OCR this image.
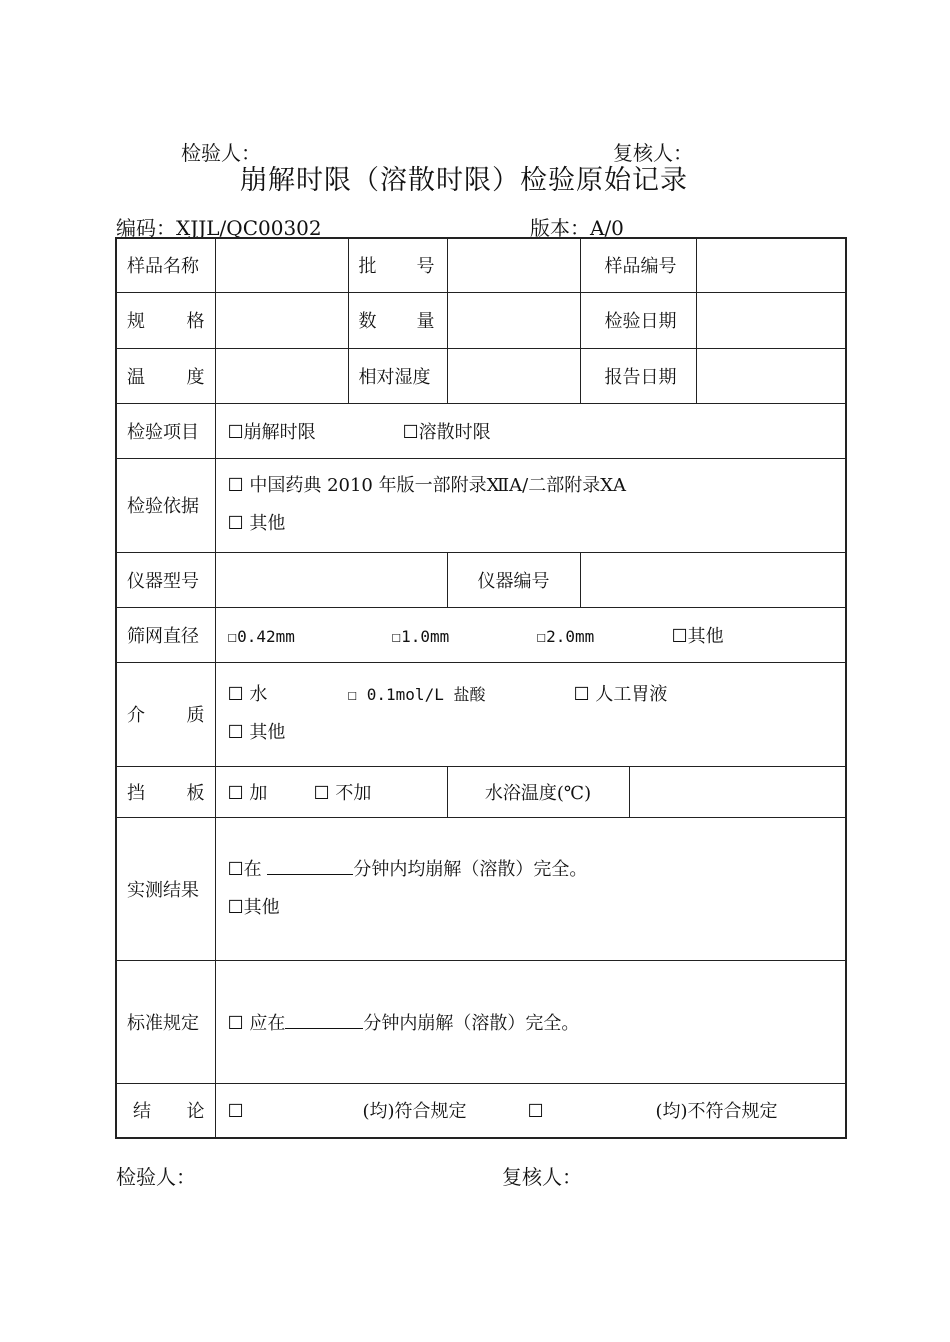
检验人：	复核人：
崩解时限（溶散时限）检验原始记录
编码：XJJL/QC00302	版本：A/0
样品名称		批 号		样品编号		

规 格		数 量		检验日期		

温 度		相对湿度		报告日期		
检验项目	☐崩解时限 ☐溶散时限					
检验依据	☐ 中国药典 2010 年版一部附录ⅫA/二部附录ⅩA
☐ 其他					

仪器型号			仪器编号			
筛网直径	☐0.42mm ☐1.0mm ☐2.0mm ☐其他					

介 质	☐ 水 ☐ 0.1mol/L 盐酸 ☐ 人工胃液
☐ 其他					

挡 板	☐ 加 ☐ 不加		水浴温度(℃)			
实测结果	☐在 分钟内均崩解（溶散）完全。
☐其他					

标准规定	☐ 应在 分钟内崩解（溶散）完全。					

结 论	☐ (均)符合规定 ☐ (均)不符合规定					
检验人：	复核人：
